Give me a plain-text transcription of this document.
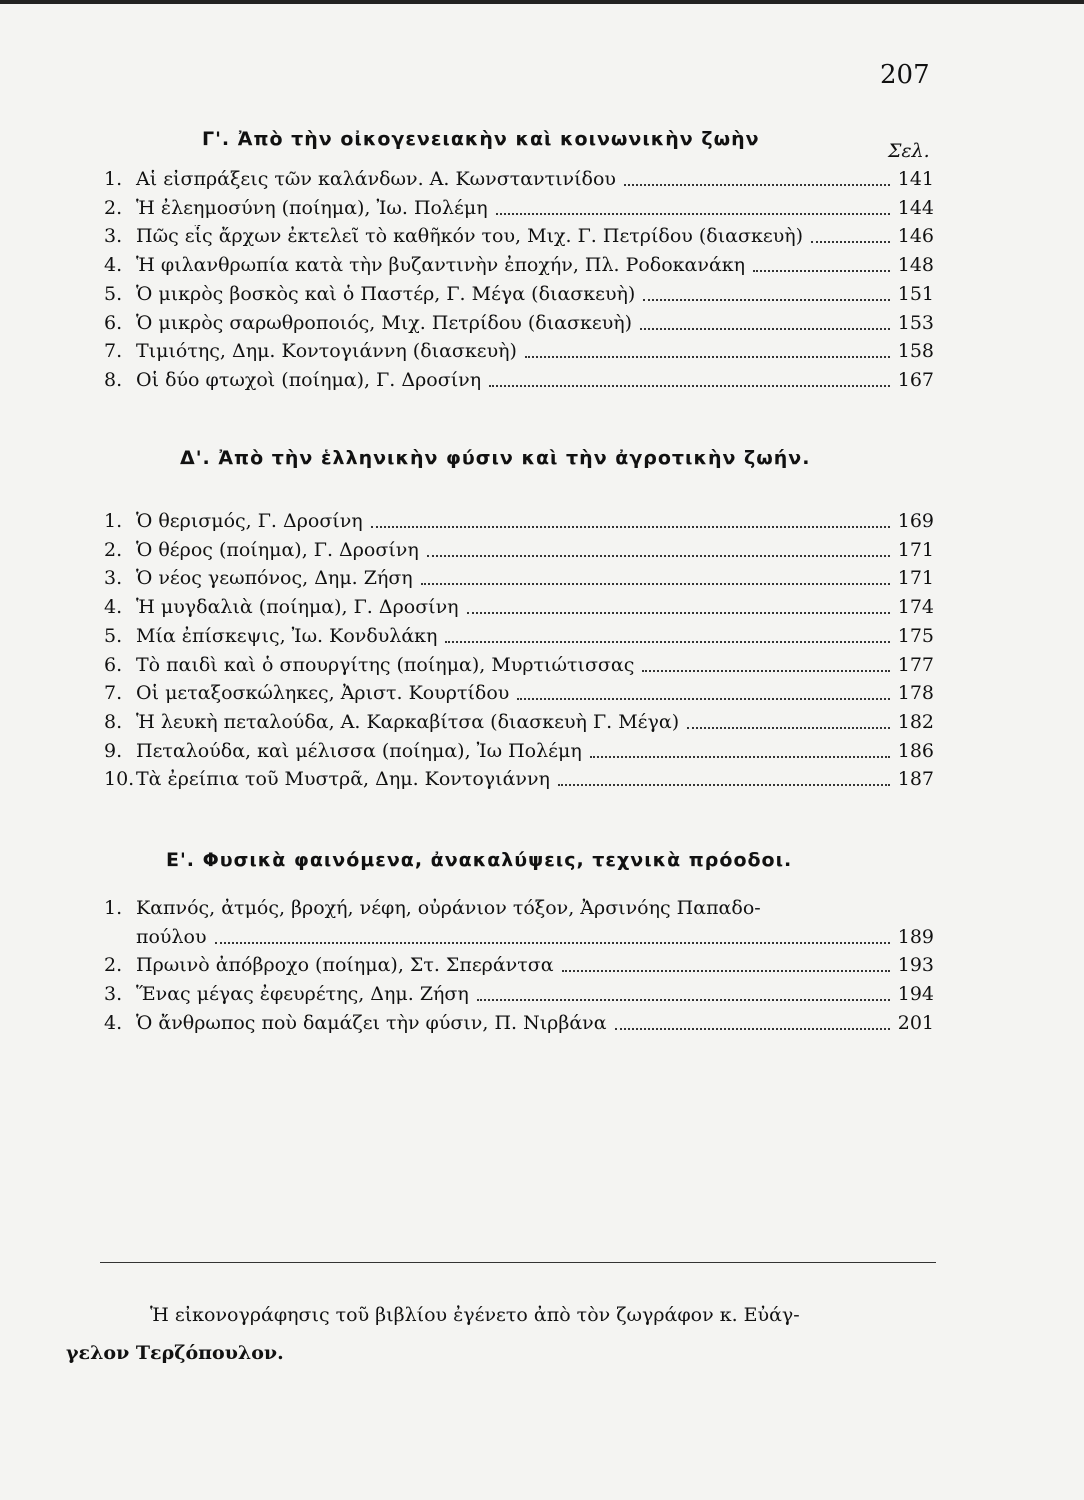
207
Γ'. Ἀπὸ τὴν οἰκογενειακὴν καὶ κοινωνικὴν ζωὴν
Σελ.
1. Αἱ εἰσπράξεις τῶν καλάνδων. Α. Κωνσταντινίδου	141
2. Ἡ ἐλεημοσύνη (ποίημα), Ἰω. Πολέμη	144
3. Πῶς εἷς ἄρχων ἐκτελεῖ τὸ καθῆκόν του, Μιχ. Γ. Πετρίδου (διασκευὴ)	146
4. Ἡ φιλανθρωπία κατὰ τὴν βυζαντινὴν ἐποχήν, Πλ. Ροδοκανάκη	148
5. Ὁ μικρὸς βοσκὸς καὶ ὁ Παστέρ, Γ. Μέγα (διασκευὴ)	151
6. Ὁ μικρὸς σαρωθροποιός, Μιχ. Πετρίδου (διασκευὴ)	153
7. Τιμιότης, Δημ. Κοντογιάννη (διασκευὴ)	158
8. Οἱ δύο φτωχοὶ (ποίημα), Γ. Δροσίνη	167
Δ'. Ἀπὸ τὴν ἑλληνικὴν φύσιν καὶ τὴν ἀγροτικὴν ζωήν.
1. Ὁ θερισμός, Γ. Δροσίνη	169
2. Ὁ θέρος (ποίημα), Γ. Δροσίνη	171
3. Ὁ νέος γεωπόνος, Δημ. Ζήση	171
4. Ἡ μυγδαλιὰ (ποίημα), Γ. Δροσίνη	174
5. Μία ἐπίσκεψις, Ἰω. Κονδυλάκη	175
6. Τὸ παιδὶ καὶ ὁ σπουργίτης (ποίημα), Μυρτιώτισσας	177
7. Οἱ μεταξοσκώληκες, Ἀριστ. Κουρτίδου	178
8. Ἡ λευκὴ πεταλούδα, Α. Καρκαβίτσα (διασκευὴ Γ. Μέγα)	182
9. Πεταλούδα, καὶ μέλισσα (ποίημα), Ἰω Πολέμη	186
10. Τὰ ἐρείπια τοῦ Μυστρᾶ, Δημ. Κοντογιάννη	187
Ε'. Φυσικὰ φαινόμενα, ἀνακαλύψεις, τεχνικὰ πρόοδοι.
1. Καπνός, ἀτμός, βροχή, νέφη, οὐράνιον τόξον, Ἀρσινόης Παπαδο-
πούλου	189
2. Πρωινὸ ἀπόβροχο (ποίημα), Στ. Σπεράντσα	193
3. Ἕνας μέγας ἐφευρέτης, Δημ. Ζήση	194
4. Ὁ ἄνθρωπος ποὺ δαμάζει τὴν φύσιν, Π. Νιρβάνα	201
Ἡ εἰκονογράφησις τοῦ βιβλίου ἐγένετο ἀπὸ τὸν ζωγράφον κ. Εὐάγ-
γελον Τερζόπουλον.
